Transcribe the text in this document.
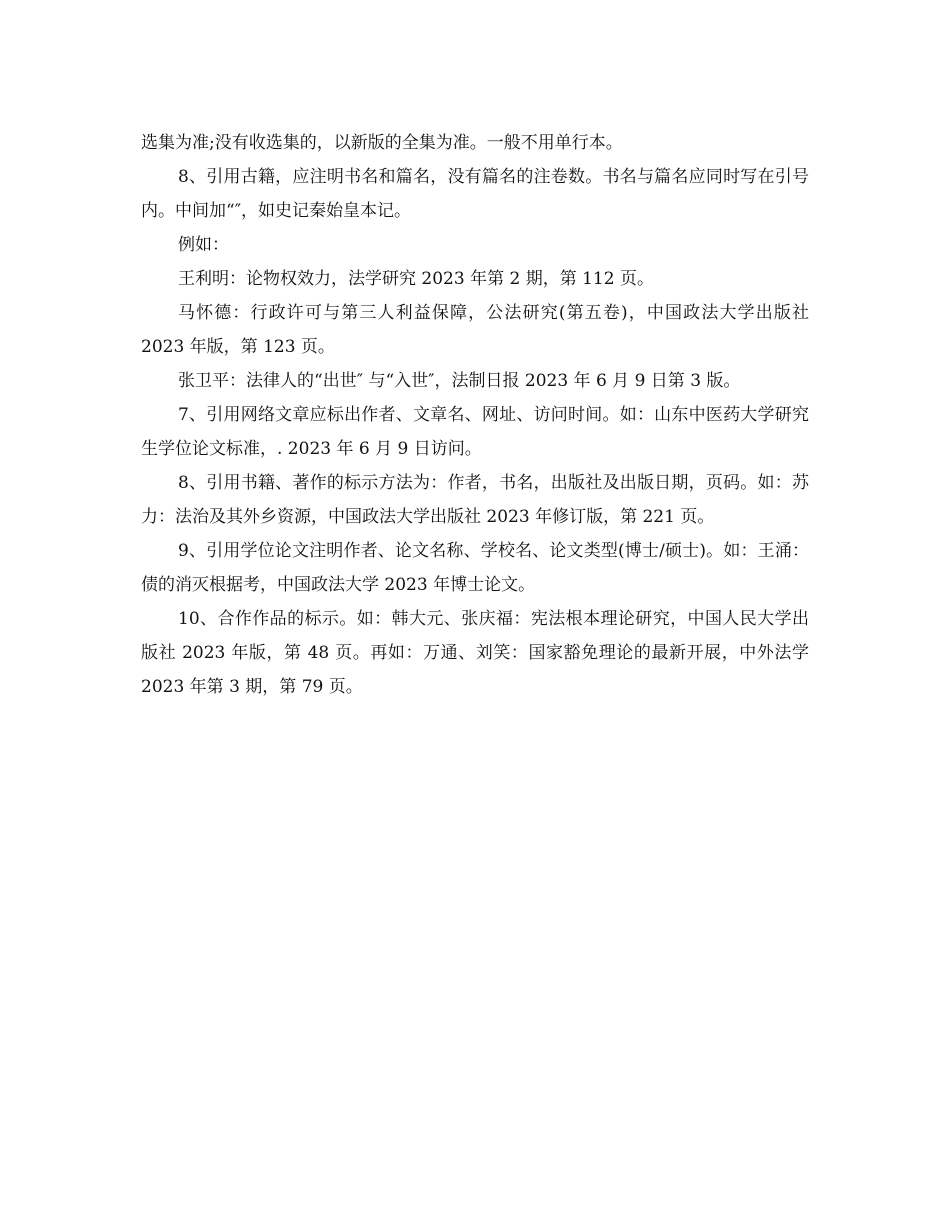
选集为准;没有收选集的，以新版的全集为准。一般不用单行本。

8、引用古籍，应注明书名和篇名，没有篇名的注卷数。书名与篇名应同时写在引号内。中间加“″，如史记秦始皇本记。

例如：

王利明：论物权效力，法学研究 2023 年第 2 期，第 112 页。

马怀德：行政许可与第三人利益保障，公法研究(第五卷)，中国政法大学出版社 2023 年版，第 123 页。

张卫平：法律人的“出世″ 与“入世″，法制日报 2023 年 6 月 9 日第 3 版。

7、引用网络文章应标出作者、文章名、网址、访问时间。如：山东中医药大学研究生学位论文标准，. 2023 年 6 月 9 日访问。

8、引用书籍、著作的标示方法为：作者，书名，出版社及出版日期，页码。如：苏力：法治及其外乡资源，中国政法大学出版社 2023 年修订版，第 221 页。

9、引用学位论文注明作者、论文名称、学校名、论文类型(博士/硕士)。如：王涌：债的消灭根据考，中国政法大学 2023 年博士论文。

10、合作作品的标示。如：韩大元、张庆福：宪法根本理论研究，中国人民大学出版社 2023 年版，第 48 页。再如：万通、刘笑：国家豁免理论的最新开展，中外法学 2023 年第 3 期，第 79 页。
